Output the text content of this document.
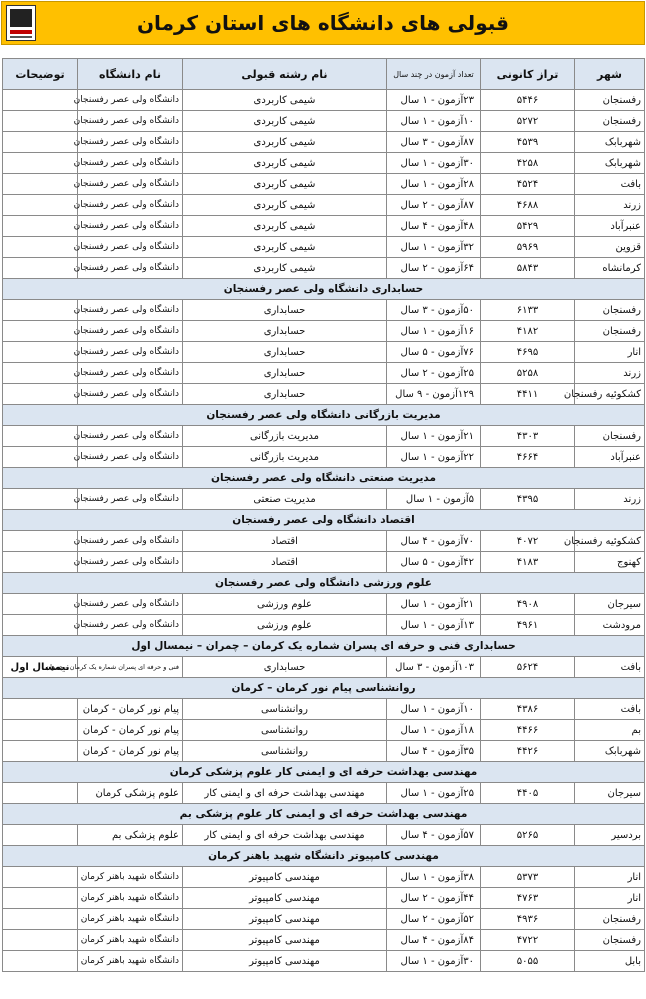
قبولی های دانشگاه های استان کرمان
شهر	تراز کانونی	تعداد آزمون در چند سال	نام رشته قبولی	نام دانشگاه	توضیحات
رفسنجان	۵۴۴۶	۲۳آزمون - ۱ سال	شیمی کاربردی	دانشگاه ولی عصر رفسنجان	
رفسنجان	۵۲۷۲	۱۰آزمون - ۱ سال	شیمی کاربردی	دانشگاه ولی عصر رفسنجان	
شهربابک	۴۵۳۹	۸۷آزمون - ۳ سال	شیمی کاربردی	دانشگاه ولی عصر رفسنجان	
شهربابک	۴۲۵۸	۳۰آزمون - ۱ سال	شیمی کاربردی	دانشگاه ولی عصر رفسنجان	
بافت	۴۵۲۴	۲۸آزمون - ۱ سال	شیمی کاربردی	دانشگاه ولی عصر رفسنجان	
زرند	۴۶۸۸	۸۷آزمون - ۲ سال	شیمی کاربردی	دانشگاه ولی عصر رفسنجان	
عنبرآباد	۵۴۲۹	۴۸آزمون - ۴ سال	شیمی کاربردی	دانشگاه ولی عصر رفسنجان	
قزوین	۵۹۶۹	۳۲آزمون - ۱ سال	شیمی کاربردی	دانشگاه ولی عصر رفسنجان	
کرمانشاه	۵۸۴۳	۶۴آزمون - ۲ سال	شیمی کاربردی	دانشگاه ولی عصر رفسنجان	
حسابداری دانشگاه ولی عصر رفسنجان					
رفسنجان	۶۱۳۳	۵۰آزمون - ۳ سال	حسابداری	دانشگاه ولی عصر رفسنجان	
رفسنجان	۴۱۸۲	۱۶آزمون - ۱ سال	حسابداری	دانشگاه ولی عصر رفسنجان	
انار	۴۶۹۵	۷۶آزمون - ۵ سال	حسابداری	دانشگاه ولی عصر رفسنجان	
زرند	۵۲۵۸	۲۵آزمون - ۲ سال	حسابداری	دانشگاه ولی عصر رفسنجان	
کشکوئیه رفسنجان	۴۴۱۱	۱۲۹آزمون - ۹ سال	حسابداری	دانشگاه ولی عصر رفسنجان	
مدیریت بازرگانی دانشگاه ولی عصر رفسنجان					
رفسنجان	۴۳۰۳	۲۱آزمون - ۱ سال	مدیریت بازرگانی	دانشگاه ولی عصر رفسنجان	
عنبرآباد	۴۶۶۴	۲۲آزمون - ۱ سال	مدیریت بازرگانی	دانشگاه ولی عصر رفسنجان	
مدیریت صنعتی دانشگاه ولی عصر رفسنجان					
زرند	۴۳۹۵	۵آزمون - ۱ سال	مدیریت صنعتی	دانشگاه ولی عصر رفسنجان	
اقتصاد دانشگاه ولی عصر رفسنجان					
کشکوئیه رفسنجان	۴۰۷۲	۷۰آزمون - ۴ سال	اقتصاد	دانشگاه ولی عصر رفسنجان	
کهنوج	۴۱۸۳	۴۲آزمون - ۵ سال	اقتصاد	دانشگاه ولی عصر رفسنجان	
علوم ورزشی دانشگاه ولی عصر رفسنجان					
سیرجان	۴۹۰۸	۲۱آزمون - ۱ سال	علوم ورزشی	دانشگاه ولی عصر رفسنجان	
مرودشت	۴۹۶۱	۱۳آزمون - ۱ سال	علوم ورزشی	دانشگاه ولی عصر رفسنجان	
حسابداری فنی و حرفه ای پسران شماره یک کرمان – چمران – نیمسال اول					
بافت	۵۶۲۴	۱۰۳آزمون - ۳ سال	حسابداری	فنی و حرفه ای پسران شماره یک کرمان - چمران	نیمسال اول
روانشناسی پیام نور کرمان – کرمان					
بافت	۴۳۸۶	۱۰آزمون - ۱ سال	روانشناسی	پیام نور کرمان - کرمان	
بم	۴۴۶۶	۱۸آزمون - ۱ سال	روانشناسی	پیام نور کرمان - کرمان	
شهربابک	۴۴۲۶	۳۵آزمون - ۴ سال	روانشناسی	پیام نور کرمان - کرمان	
مهندسی بهداشت حرفه ای و ایمنی کار علوم پزشکی کرمان					
سیرجان	۴۴۰۵	۲۵آزمون - ۱ سال	مهندسی بهداشت حرفه ای و ایمنی کار	علوم پزشکی کرمان	
مهندسی بهداشت حرفه ای و ایمنی کار علوم پزشکی بم					
بردسیر	۵۲۶۵	۵۷آزمون - ۴ سال	مهندسی بهداشت حرفه ای و ایمنی کار	علوم پزشکی بم	
مهندسی کامپیوتر دانشگاه شهید باهنر کرمان					
انار	۵۳۷۳	۳۸آزمون - ۱ سال	مهندسی کامپیوتر	دانشگاه شهید باهنر کرمان	
انار	۴۷۶۳	۴۴آزمون - ۲ سال	مهندسی کامپیوتر	دانشگاه شهید باهنر کرمان	
رفسنجان	۴۹۳۶	۵۲آزمون - ۲ سال	مهندسی کامپیوتر	دانشگاه شهید باهنر کرمان	
رفسنجان	۴۷۲۲	۸۴آزمون - ۴ سال	مهندسی کامپیوتر	دانشگاه شهید باهنر کرمان	
بابل	۵۰۵۵	۳۰آزمون - ۱ سال	مهندسی کامپیوتر	دانشگاه شهید باهنر کرمان	
